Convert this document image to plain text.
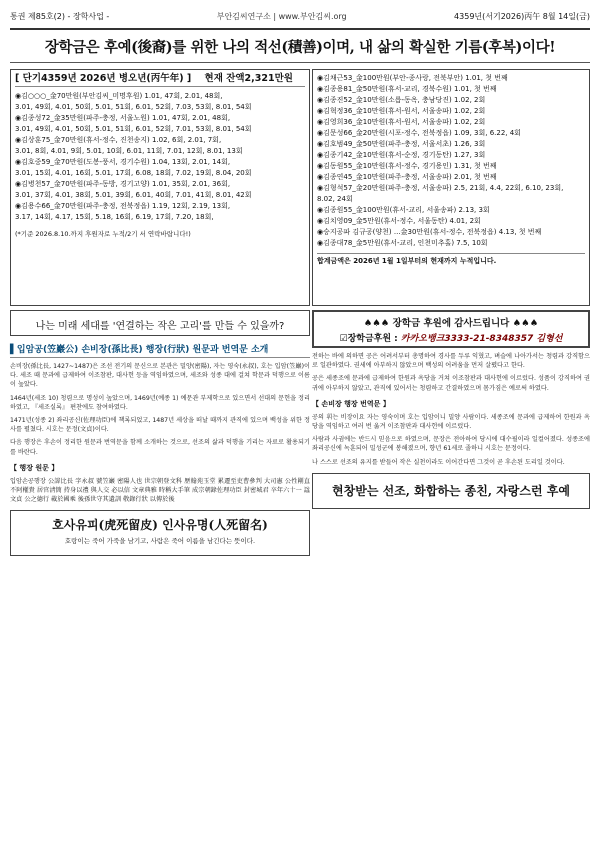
통권 제85호(2) - 장학사업 -	부안김씨연구소 | www.부안김씨.org	4359년(서기2026)丙午 8월 14일(금)
장학금은 후예(後裔)를 위한 나의 적선(積善)이며, 내 삶의 확실한 기름(후복)이다!
[ 단기4359년 2026년 병오년(丙午年) ] 현재 잔액2,321만원
◉김○○○_金70만원(부안김씨_미명후원) 1.01, 47회, 2.01, 48회,
3.01, 49회, 4.01, 50회, 5.01, 51회, 6.01, 52회, 7.03, 53회, 8.01, 54회
◉김종성72_金35만원(파주-충정, 서울노원) 1.01, 47회, 2.01, 48회,
3.01, 49회, 4.01, 50회, 5.01, 51회, 6.01, 52회, 7.01, 53회, 8.01, 54회
◉김상훈75_金70만원(휴서-정수, 진천송지) 1.02, 6회, 2.01, 7회,
3.01, 8회, 4.01, 9회, 5.01, 10회, 6.01, 11회, 7.01, 12회, 8.01, 13회
◉김호중59_金70만원(도봉-풍서, 경기수원) 1.04, 13회, 2.01, 14회,
3.01, 15회, 4.01, 16회, 5.01, 17회, 6.08, 18회, 7.02, 19회, 8.04, 20회
◉김병천57_金70만원(파주-동방, 경기고양) 1.01, 35회, 2.01, 36회,
3.01, 37회, 4.01, 38회, 5.01, 39회, 6.01, 40회, 7.01, 41회, 8.01, 42회
◉김용수66_金70만원(파주-충정, 전북정읍) 1.19, 12회, 2.19, 13회,
3.17, 14회, 4.17, 15회, 5.18, 16회, 6.19, 17회, 7.20, 18회,
(*기준 2026.8.10.까지 후원자로 누적/2기 서 연락바랍니다!)
◉김채근53_金100만원(부안-종사랑, 전북부안) 1.01, 첫 번째
◉김종용81_金50만원(휴서-교리, 경북수원) 1.01, 첫 번째
◉김종진52_金10만원(소릅-동옥, 충남당진) 1.02, 2회
◉김혁정36_金10만원(휴서-원서, 서울송파) 1.02, 2회
◉김영희36_金10만원(휴서-원서, 서울송파) 1.02, 2회
◉김문성66_金20만원(시포-정수, 전북정읍) 1.09, 3회, 6.22, 4회
◉김호범49_金50만원(파주-충정, 서울서초) 1.26, 3회
◉김종기42_金10만원(휴서-순정, 경기동탄) 1.27, 3회
◉김동원55_金10만원(휴서-정수, 경기용인) 1.31, 첫 번째
◉김종연45_金10만원(파주-충정, 서울송파) 2.01, 첫 번째
◉김형석57_金20만원(파주-충정, 서울송파) 2.5, 21회, 4.4, 22회, 6.10, 23회,
8.02, 24회
◉김종원55_金100만원(휴서-교리, 서울송파) 2.13, 3회
◉김치영09_金5만원(휴서-정수, 서울동탄) 4.01, 2회
◉승지공파 김규공(양천) ...金30만원(휴서-정수, 전북정읍) 4.13, 첫 번째
◉김종대78_金5만원(휴서-교리, 인천미추홀) 7.5, 10회
합계금액은 2026년 1월 1일부터의 현재까지 누적입니다.
나는 미래 세대를 '연결하는 작은 고리'를 만들 수 있을까?
▌입암공(笠巖公) 손비장(孫比長) 행장(行狀) 원문과 번역문 소개
손비장(孫比長, 1427~1487)은 조선 전기의 문신으로 본관은 밀양(密陽), 자는 영숙(永叔), 호는 입암(笠巖)이다. 세조 때 문과에 급제하여 이조참판, 대사헌 등을 역임하였으며, 세조와 성종 대에 걸쳐 학문과 덕행으로 이름이 높았다.
1464년(세조 10) 청렴으로 명성이 높았으며, 1469년(예종 1) 예문관 부제학으로 있으면서 선대의 문헌을 정리하였고, 『세조실록』 편찬에도 참여하였다.
1471년(성종 2) 좌리공신(佐理功臣)에 책록되었고, 1487년 세상을 떠날 때까지 관직에 있으며 백성을 위한 정사를 펼쳤다. 시호는 문정(文貞)이다.
다음 행장은 후손이 정리한 원문과 번역문을 함께 소개하는 것으로, 선조의 삶과 덕행을 기리는 자료로 활용되기를 바란다.
【 행장 원문 】
입암손공행장 公諱比長 字永叔 號笠巖 密陽人也 世宗朝登文科 歷翰苑玉堂 累遷至吏曹參判 大司憲 公性剛直 不阿權貴 居官淸簡 持身以禮 與人交 必以信 文章典雅 時稱大手筆 成宗朝錄佐理功臣 封密城君 卒年六十一 諡文貞 公之德行 載於國乘 後孫世守其遺訓 敬錄行狀 以傳於後
호사유피(虎死留皮) 인사유명(人死留名)
호랑이는 죽어 가죽을 남기고, 사람은 죽어 이름을 남긴다는 뜻이다.
♠♠♠ 장학금 후원에 감사드립니다 ♠♠♠
☑장학금후원 : 카카오뱅크3333-21-8348357 김형선
전하는 바에 의하면 공은 어려서부터 총명하여 경사를 두루 익혔고, 벼슬에 나아가서는 청렴과 강직함으로 일관하였다. 권세에 아부하지 않았으며 백성의 어려움을 먼저 살폈다고 한다.
공은 세종조에 문과에 급제하여 한원과 옥당을 거쳐 이조참판과 대사헌에 이르렀다. 성품이 강직하여 권귀에 아부하지 않았고, 관직에 있어서는 청렴하고 간결하였으며 몸가짐은 예로써 하였다.
【 손비장 행장 번역문 】
공의 휘는 비장이요 자는 영숙이며 호는 입암이니 밀양 사람이다. 세종조에 문과에 급제하여 한원과 옥당을 역임하고 여러 번 옮겨 이조참판과 대사헌에 이르렀다.
사람과 사귐에는 반드시 믿음으로 하였으며, 문장은 전아하여 당시에 대수필이라 일컬어졌다. 성종조에 좌리공신에 녹훈되어 밀성군에 봉해졌으며, 향년 61세로 졸하니 시호는 문정이다.
나 스스로 선조의 유지를 받들어 작은 실천이라도 이어간다면 그것이 곧 후손된 도리일 것이다.
현창받는 선조, 화합하는 종친, 자랑스런 후예
